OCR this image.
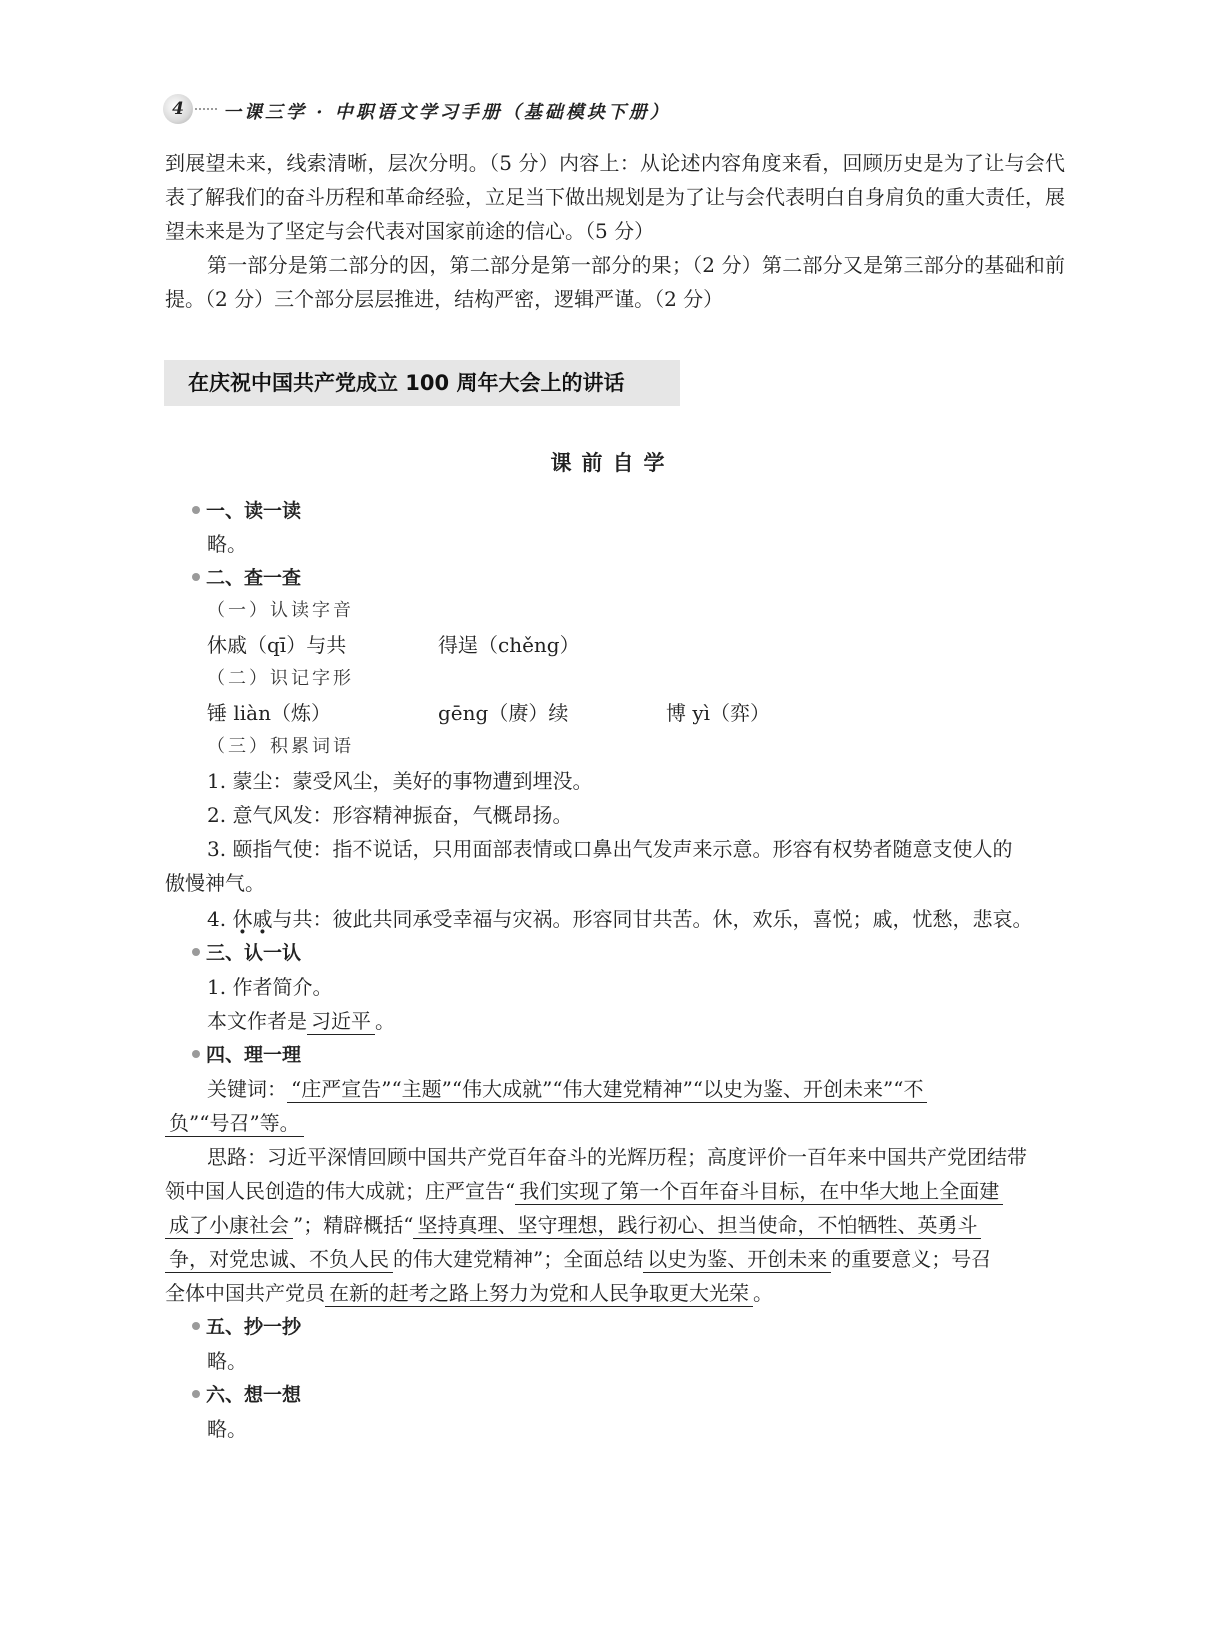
4	一课三学 · 中职语文学习手册（基础模块下册）
到展望未来，线索清晰，层次分明。（5 分）内容上：从论述内容角度来看，回顾历史是为了让与会代表了解我们的奋斗历程和革命经验，立足当下做出规划是为了让与会代表明白自身肩负的重大责任，展望未来是为了坚定与会代表对国家前途的信心。（5 分）
第一部分是第二部分的因，第二部分是第一部分的果；（2 分）第二部分又是第三部分的基础和前提。（2 分）三个部分层层推进，结构严密，逻辑严谨。（2 分）
在庆祝中国共产党成立 100 周年大会上的讲话
课前自学
一、读一读
略。
二、查一查
（一）认读字音
休戚（qī）与共	得逞（chěng）
（二）识记字形
锤 liàn（炼）	gēng（赓）续	博 yì（弈）
（三）积累词语
1. 蒙尘：蒙受风尘，美好的事物遭到埋没。
2. 意气风发：形容精神振奋，气概昂扬。
3. 颐指气使：指不说话，只用面部表情或口鼻出气发声来示意。形容有权势者随意支使人的
傲慢神气。
4. 休戚与共：彼此共同承受幸福与灾祸。形容同甘共苦。休，欢乐，喜悦；戚，忧愁，悲哀。
三、认一认
1. 作者简介。
本文作者是 习近平 。
四、理一理
关键词： “庄严宣告”“主题”“伟大成就”“伟大建党精神”“以史为鉴、开创未来”“不
负”“号召”等。
思路：习近平深情回顾中国共产党百年奋斗的光辉历程；高度评价一百年来中国共产党团结带
领中国人民创造的伟大成就；庄严宣告“ 我们实现了第一个百年奋斗目标，在中华大地上全面建
成了小康社会 ”；精辟概括“ 坚持真理、坚守理想，践行初心、担当使命，不怕牺牲、英勇斗
争，对党忠诚、不负人民 的伟大建党精神”；全面总结 以史为鉴、开创未来 的重要意义；号召
全体中国共产党员 在新的赶考之路上努力为党和人民争取更大光荣 。
五、抄一抄
略。
六、想一想
略。
